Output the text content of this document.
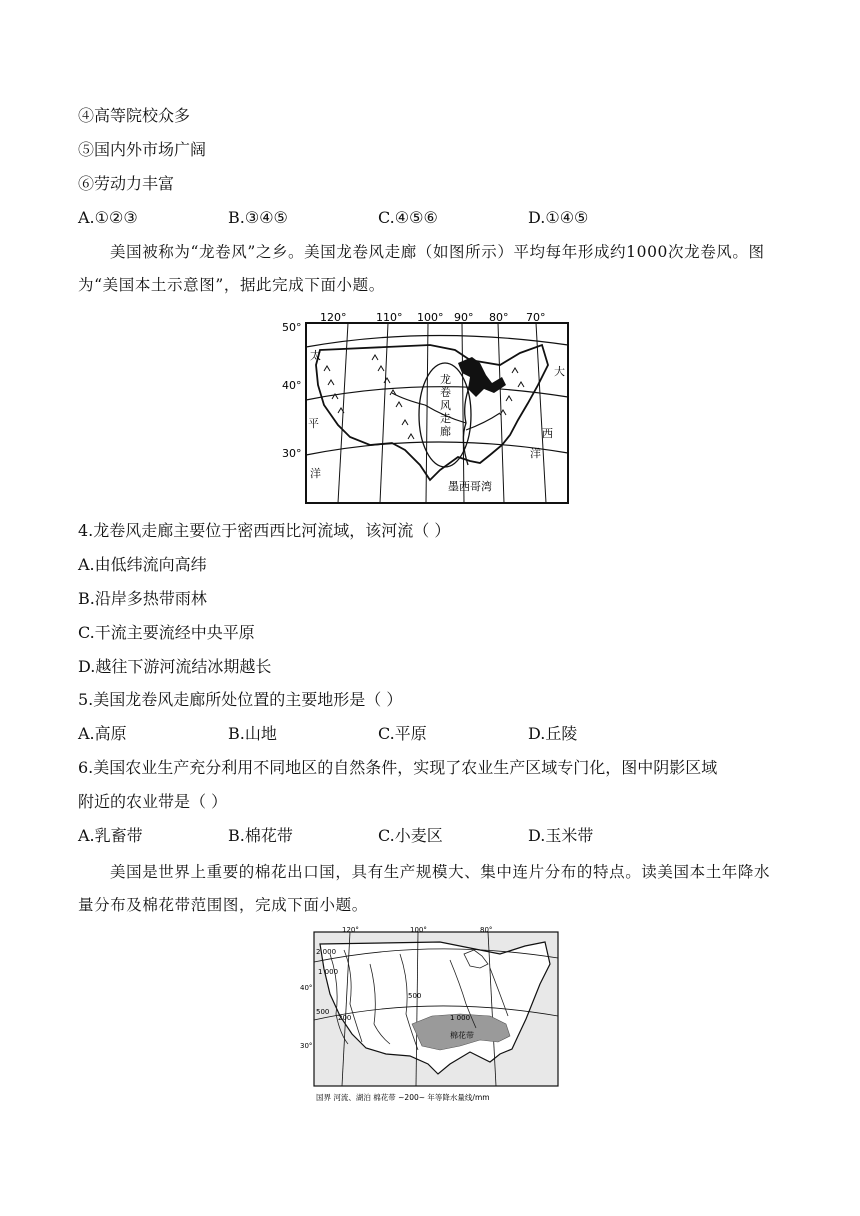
④高等院校众多
⑤国内外市场广阔
⑥劳动力丰富
A.①②③	B.③④⑤	C.④⑤⑥	D.①④⑤
美国被称为“龙卷风”之乡。美国龙卷风走廊（如图所示）平均每年形成约1000次龙卷风。图为“美国本土示意图”，据此完成下面小题。
120°	110° 100° 90° 80° 70°
50°
40°
30°
太
平
洋
大
西
洋
龙
卷
风
走
廊
墨西哥湾
4.龙卷风走廊主要位于密西西比河流域，该河流（ ）
A.由低纬流向高纬
B.沿岸多热带雨林
C.干流主要流经中央平原
D.越往下游河流结冰期越长
5.美国龙卷风走廊所处位置的主要地形是（ ）
A.高原	B.山地	C.平原	D.丘陵
6.美国农业生产充分利用不同地区的自然条件，实现了农业生产区域专门化，图中阴影区域
附近的农业带是（ ）
A.乳畜带	B.棉花带	C.小麦区	D.玉米带
美国是世界上重要的棉花出口国，具有生产规模大、集中连片分布的特点。读美国本土年降水量分布及棉花带范围图，完成下面小题。
120°	100°	80°
40°
30°
2 000
1 000
500
200
500
1 000
棉花带
国界 河流、湖泊 棉花带 ~200~ 年等降水量线/mm
